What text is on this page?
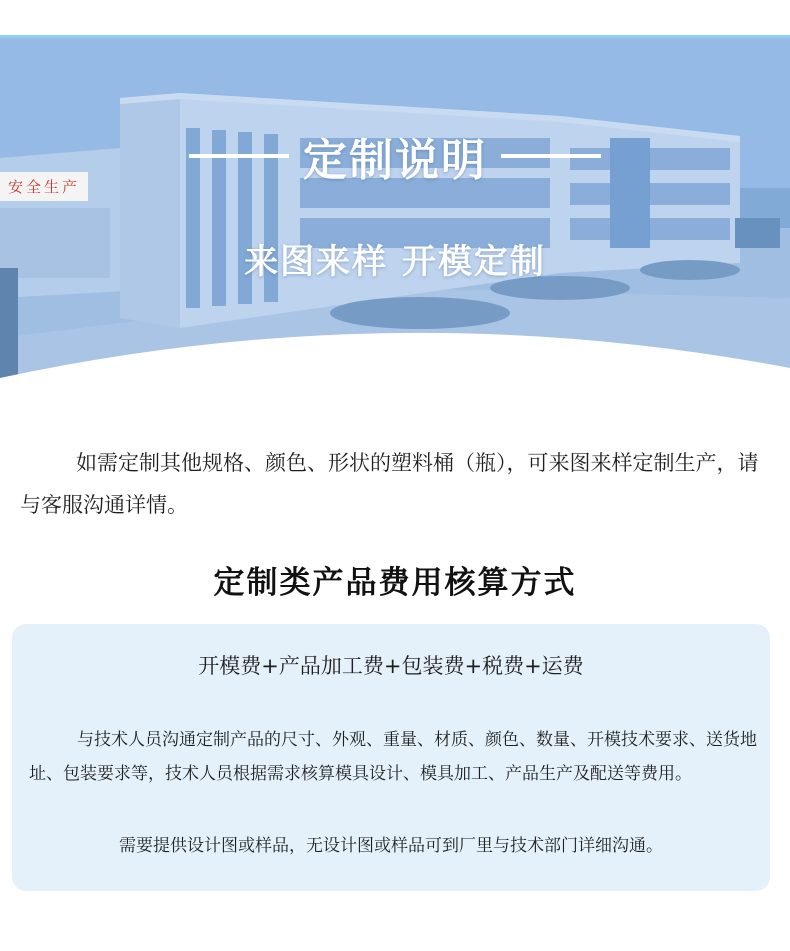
安全生产
定制说明
来图来样 开模定制

如需定制其他规格、颜色、形状的塑料桶（瓶），可来图来样定制生产，请与客服沟通详情。

定制类产品费用核算方式
开模费+产品加工费+包装费+税费+运费

与技术人员沟通定制产品的尺寸、外观、重量、材质、颜色、数量、开模技术要求、送货地址、包装要求等，技术人员根据需求核算模具设计、模具加工、产品生产及配送等费用。

需要提供设计图或样品，无设计图或样品可到厂里与技术部门详细沟通。
